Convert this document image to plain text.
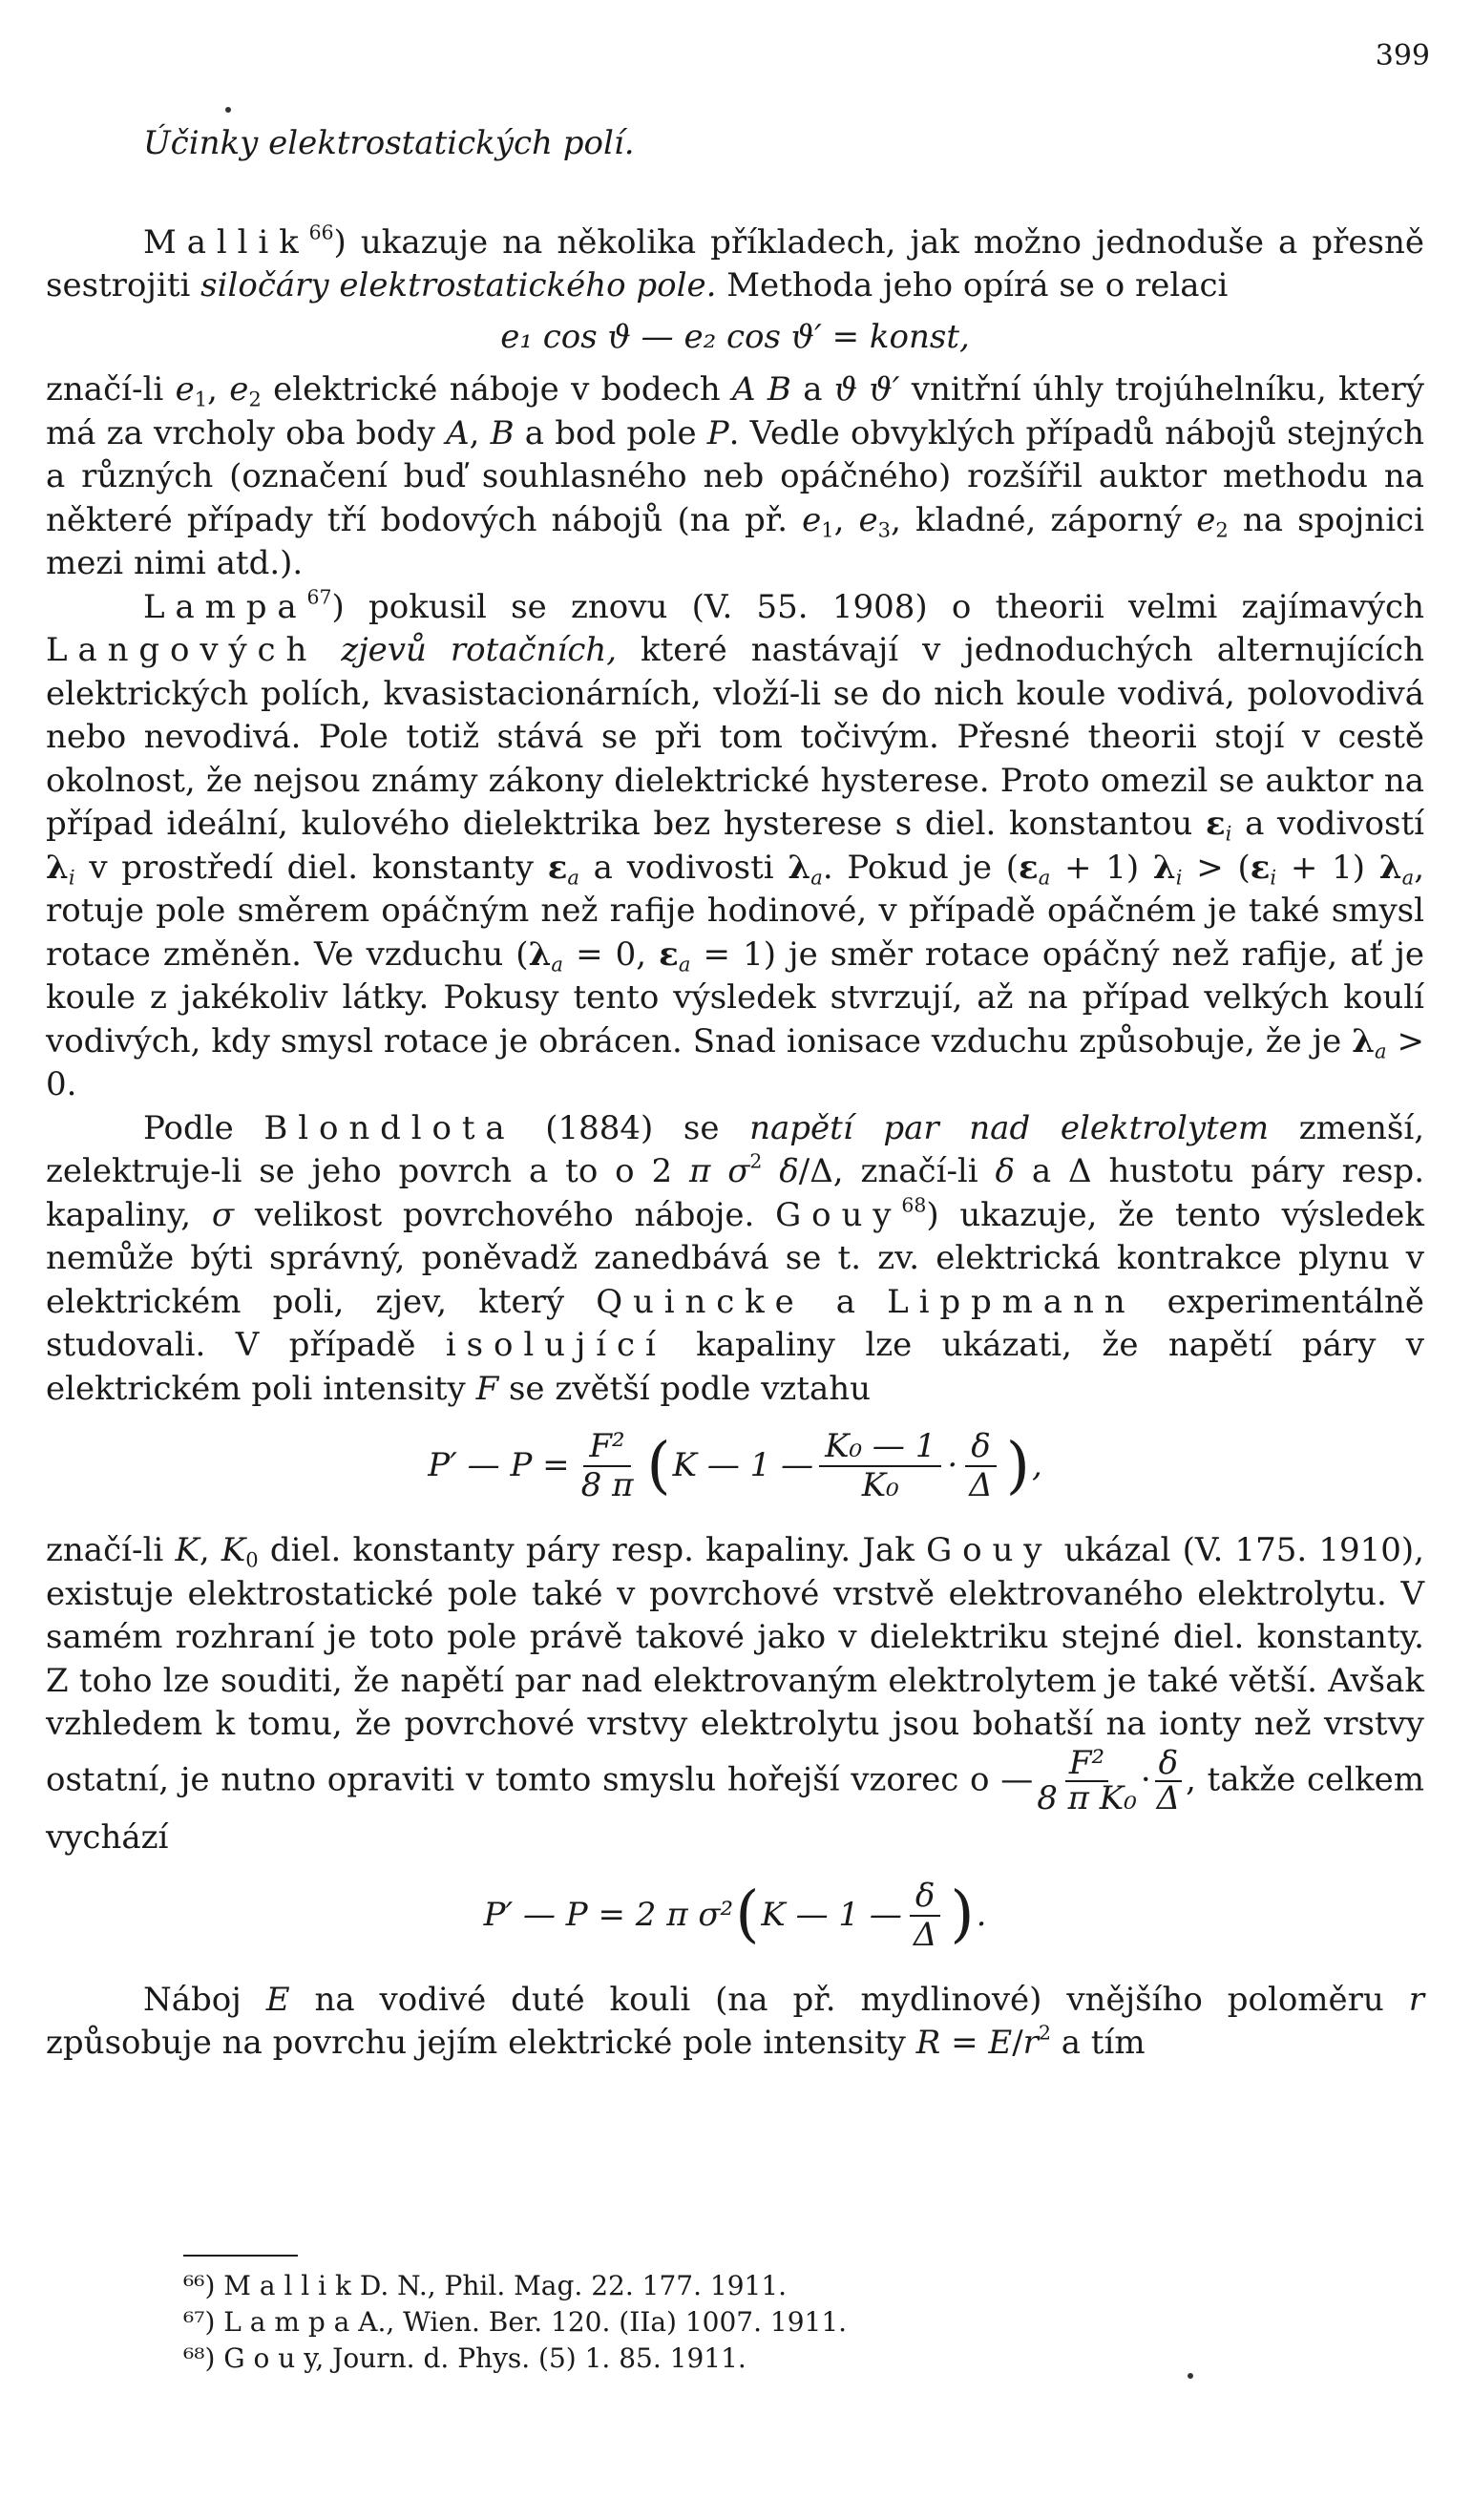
399
Účinky elektrostatických polí.

Mallik$^{66}$) ukazuje na několika příkladech, jak možno jednoduše a přesně sestrojiti siločáry elektrostatického pole. Methoda jeho opírá se o relaci

e₁ cos ϑ — e₂ cos ϑ′ = konst,

značí-li $e_1$, $e_2$ elektrické náboje v bodech A B a ϑ ϑ′ vnitřní úhly trojúhelníku, který má za vrcholy oba body A, B a bod pole P. Vedle obvyklých případů nábojů stejných a různých (označení buď souhlasného neb opáčného) rozšířil auktor methodu na některé případy tří bodových nábojů (na př. $e_1$, $e_3$, kladné, záporný $e_2$ na spojnici mezi nimi atd.).

Lampa$^{67}$) pokusil se znovu (V. 55. 1908) o theorii velmi zajímavých Langových zjevů rotačních, které nastávají v jednoduchých alternujících elektrických polích, kvasistacionárních, vloží-li se do nich koule vodivá, polovodivá nebo nevodivá. Pole totiž stává se při tom točivým. Přesné theorii stojí v cestě okolnost, že nejsou známy zákony dielektrické hysterese. Proto omezil se auktor na případ ideální, kulového dielektrika bez hysterese s diel. konstantou $\varepsilon_i$ a vodivostí $\lambda_i$ v prostředí diel. konstanty $\varepsilon_a$ a vodivosti $\lambda_a$. Pokud je $(\varepsilon_a + 1) \lambda_i > (\varepsilon_i + 1)$ $\lambda_a$, rotuje pole směrem opáčným než rafije hodinové, v případě opáčném je také smysl rotace změněn. Ve vzduchu ($\lambda_a = 0$, $\varepsilon_a = 1$) je směr rotace opáčný než rafije, ať je koule z jakékoliv látky. Pokusy tento výsledek stvrzují, až na případ velkých koulí vodivých, kdy smysl rotace je obrácen. Snad ionisace vzduchu způsobuje, že je $\lambda_a > 0$.

Podle Blondlota (1884) se napětí par nad elektrolytem zmenší, zelektruje-li se jeho povrch a to o 2 π $\sigma^2$ δ/Δ, značí-li δ a Δ hustotu páry resp. kapaliny, σ velikost povrchového náboje. Gouy$^{68}$) ukazuje, že tento výsledek nemůže býti správný, poněvadž zanedbává se t. zv. elektrická kontrakce plynu v elektrickém poli, zjev, který Quincke a Lippmann experimentálně studovali. V případě isolující kapaliny lze ukázati, že napětí páry v elektrickém poli intensity F se zvětší podle vztahu

P′ — $P = \frac{\text{F²}}{8 \pi}$ ( K — 1 — $\frac{\text{K₀ — 1}}{\text{K₀}} \cdot \frac{\delta}{\Delta}$ ) ,

značí-li K, $K_0$ diel. konstanty páry resp. kapaliny. Jak Gouy ukázal (V. 175. 1910), existuje elektrostatické pole také v povrchové vrstvě elektrovaného elektrolytu. V samém rozhraní je toto pole právě takové jako v dielektriku stejné diel. konstanty. Z toho lze souditi, že napětí par nad elektrovaným elektrolytem je také větší. Avšak vzhledem k tomu, že povrchové vrstvy elektrolytu jsou bohatší na ionty než vrstvy ostatní, je nutno opraviti v tomto smyslu hořejší vzorec o — $\frac{\text{F²}}{\text{8 π K₀}} \cdot \frac{\delta}{\Delta}$ , takže celkem vychází

P′ — P = 2 π σ² ( K — 1 — $\frac{\delta}{\Delta}$ ) .

Náboj E na vodivé duté kouli (na př. mydlinové) vnějšího poloměru r způsobuje na povrchu jejím elektrické pole intensity $R = E/r^2$ a tím

⁶⁶) M a l l i k D. N., Phil. Mag. 22. 177. 1911.
⁶⁷) L a m p a A., Wien. Ber. 120. (IIa) 1007. 1911.
⁶⁸) G o u y, Journ. d. Phys. (5) 1. 85. 1911.
